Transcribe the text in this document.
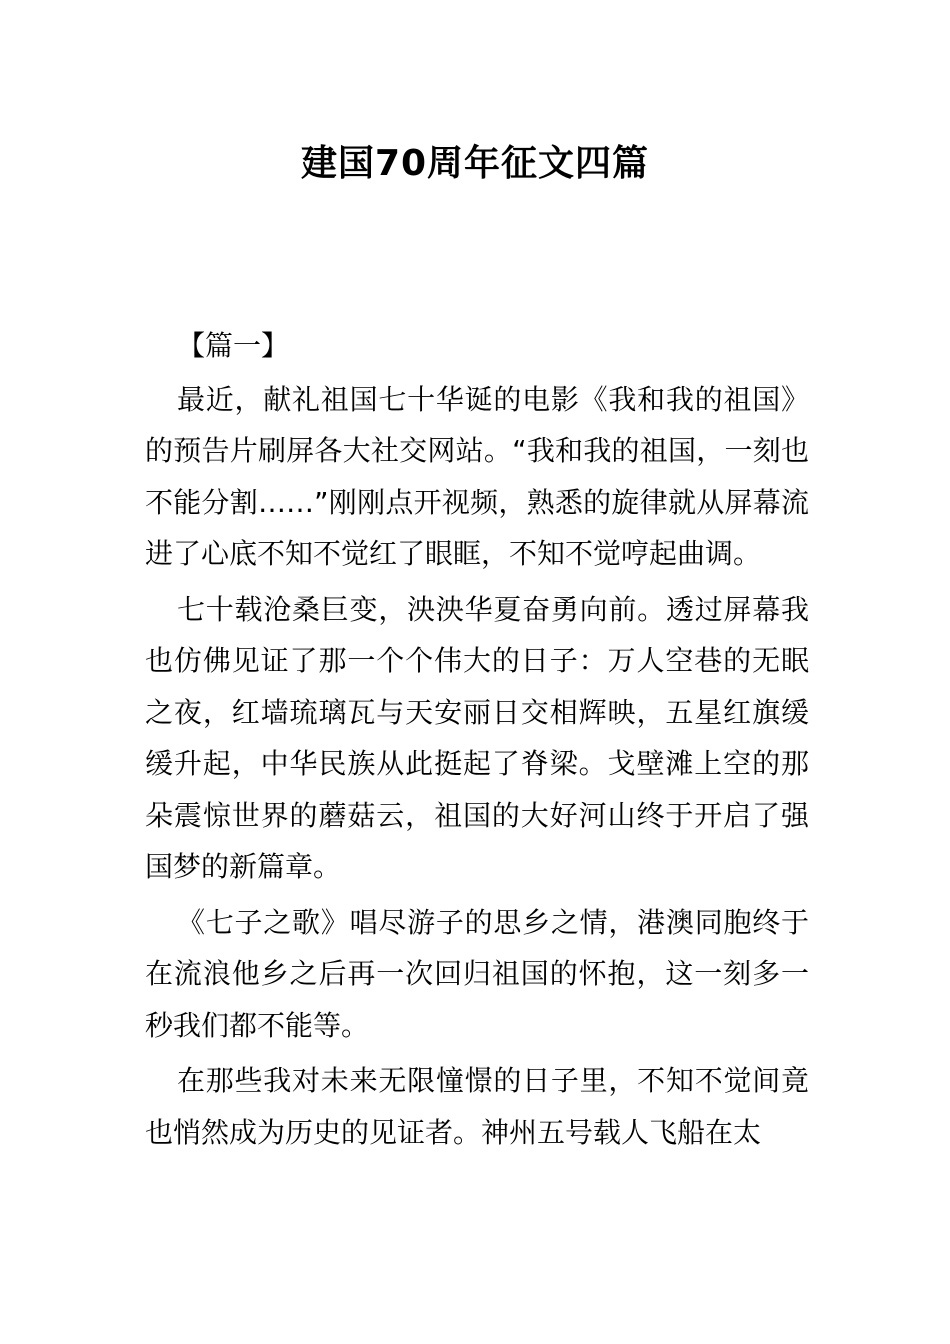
建国70周年征文四篇
【篇一】

最近，献礼祖国七十华诞的电影《我和我的祖国》的预告片刷屏各大社交网站。“我和我的祖国，一刻也不能分割……”刚刚点开视频，熟悉的旋律就从屏幕流进了心底不知不觉红了眼眶，不知不觉哼起曲调。

七十载沧桑巨变，泱泱华夏奋勇向前。透过屏幕我也仿佛见证了那一个个伟大的日子：万人空巷的无眠之夜，红墙琉璃瓦与天安丽日交相辉映，五星红旗缓缓升起，中华民族从此挺起了脊梁。戈壁滩上空的那朵震惊世界的蘑菇云，祖国的大好河山终于开启了强国梦的新篇章。

《七子之歌》唱尽游子的思乡之情，港澳同胞终于在流浪他乡之后再一次回归祖国的怀抱，这一刻多一秒我们都不能等。

在那些我对未来无限憧憬的日子里，不知不觉间竟也悄然成为历史的见证者。神州五号载人飞船在太
